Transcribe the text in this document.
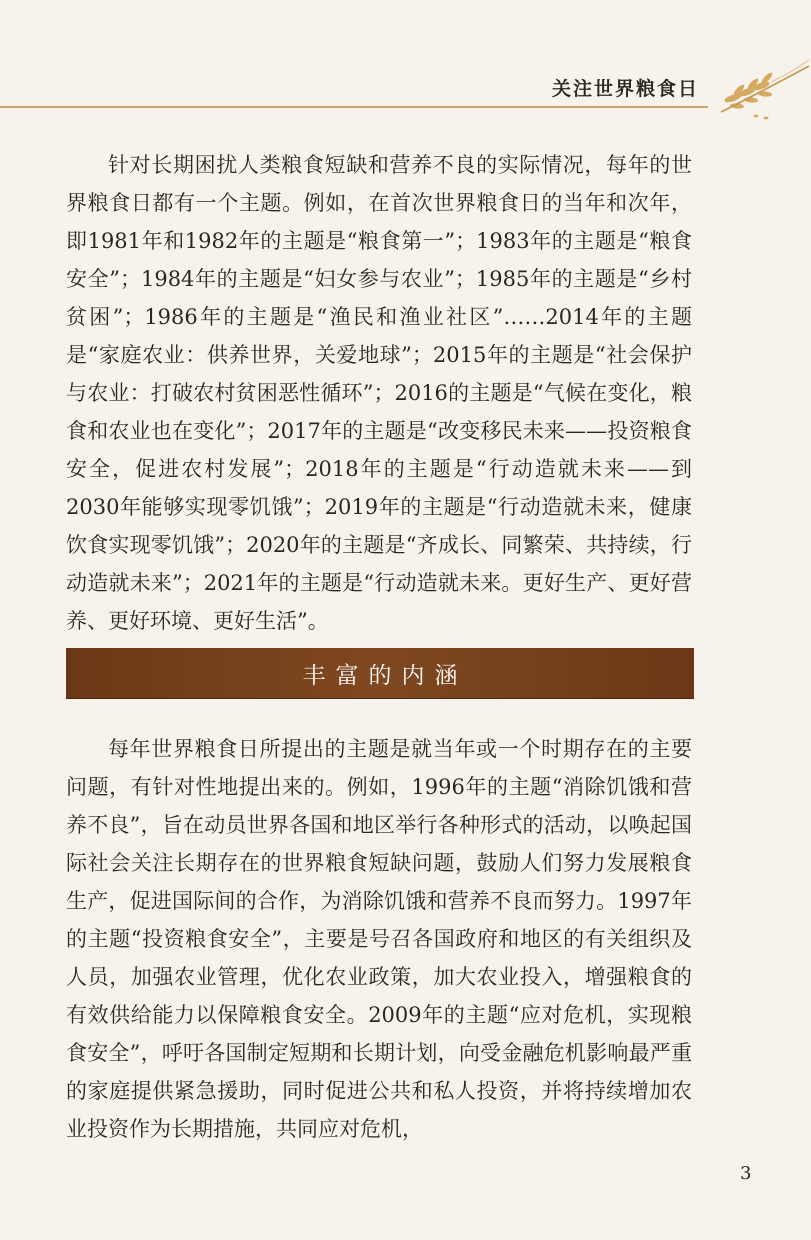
关注世界粮食日

针对长期困扰人类粮食短缺和营养不良的实际情况，每年的世界粮食日都有一个主题。例如，在首次世界粮食日的当年和次年，即1981年和1982年的主题是“粮食第一”；1983年的主题是“粮食安全”；1984年的主题是“妇女参与农业”；1985年的主题是“乡村贫困”；1986年的主题是“渔民和渔业社区”……2014年的主题是“家庭农业：供养世界，关爱地球”；2015年的主题是“社会保护与农业：打破农村贫困恶性循环”；2016的主题是“气候在变化，粮食和农业也在变化”；2017年的主题是“改变移民未来——投资粮食安全，促进农村发展”；2018年的主题是“行动造就未来——到2030年能够实现零饥饿”；2019年的主题是“行动造就未来，健康饮食实现零饥饿”；2020年的主题是“齐成长、同繁荣、共持续，行动造就未来”；2021年的主题是“行动造就未来。更好生产、更好营养、更好环境、更好生活”。

丰富的内涵

每年世界粮食日所提出的主题是就当年或一个时期存在的主要问题，有针对性地提出来的。例如，1996年的主题“消除饥饿和营养不良”，旨在动员世界各国和地区举行各种形式的活动，以唤起国际社会关注长期存在的世界粮食短缺问题，鼓励人们努力发展粮食生产，促进国际间的合作，为消除饥饿和营养不良而努力。1997年的主题“投资粮食安全”，主要是号召各国政府和地区的有关组织及人员，加强农业管理，优化农业政策，加大农业投入，增强粮食的有效供给能力以保障粮食安全。2009年的主题“应对危机，实现粮食安全”，呼吁各国制定短期和长期计划，向受金融危机影响最严重的家庭提供紧急援助，同时促进公共和私人投资，并将持续增加农业投资作为长期措施，共同应对危机，

3
